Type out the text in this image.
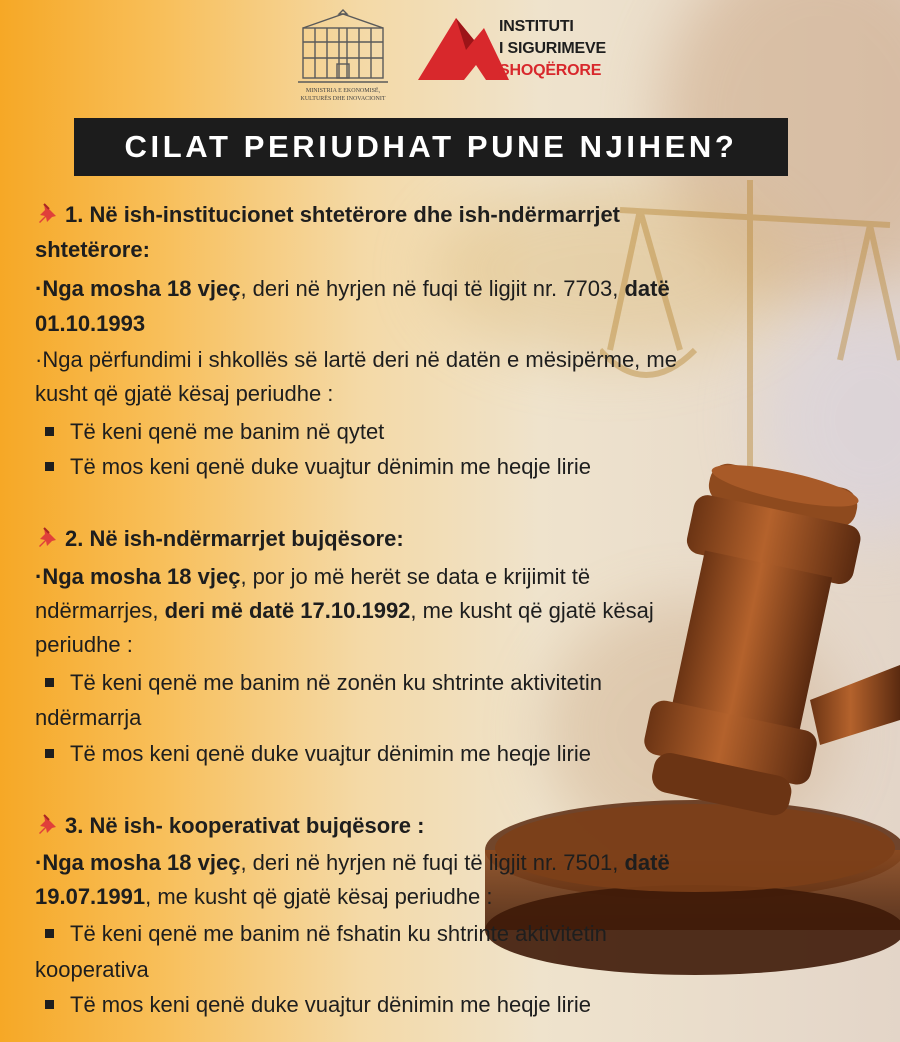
MINISTRIA E EKONOMISË,
KULTURËS DHE INOVACIONIT
INSTITUTI
I SIGURIMEVE
SHOQËRORE
CILAT PERIUDHAT PUNE NJIHEN?
1. Në ish-institucionet shtetërore dhe ish-ndërmarrjet
shtetërore:
·Nga mosha 18 vjeç, deri në hyrjen në fuqi të ligjit nr. 7703, datë
01.10.1993
·Nga përfundimi i shkollës së lartë deri në datën e mësipërme, me
kusht që gjatë kësaj periudhe :
Të keni qenë me banim në qytet
Të mos keni qenë duke vuajtur dënimin me heqje lirie
2. Në ish-ndërmarrjet bujqësore:
·Nga mosha 18 vjeç, por jo më herët se data e krijimit të
ndërmarrjes, deri më datë 17.10.1992, me kusht që gjatë kësaj
periudhe :
Të keni qenë me banim në zonën ku shtrinte aktivitetin
ndërmarrja
Të mos keni qenë duke vuajtur dënimin me heqje lirie
3. Në ish- kooperativat bujqësore :
·Nga mosha 18 vjeç, deri në hyrjen në fuqi të ligjit nr. 7501, datë
19.07.1991, me kusht që gjatë kësaj periudhe :
Të keni qenë me banim në fshatin ku shtrinte aktivitetin
kooperativa
Të mos keni qenë duke vuajtur dënimin me heqje lirie
